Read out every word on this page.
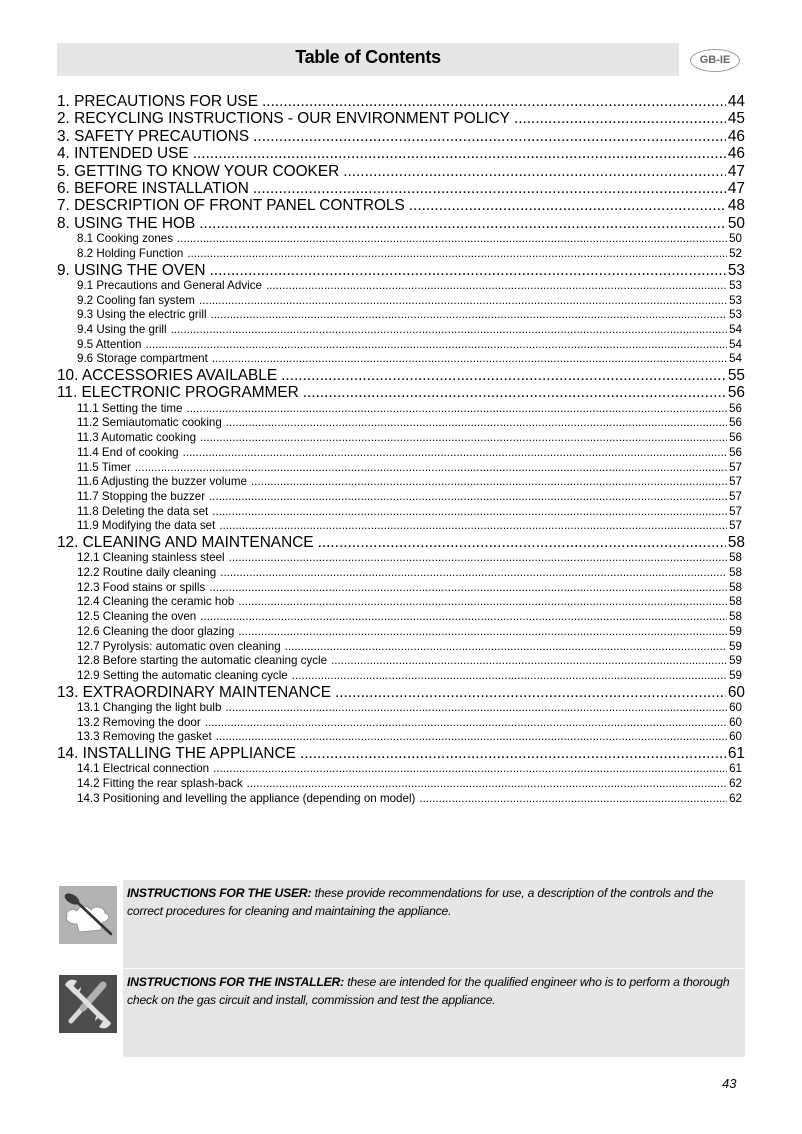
Table of Contents	GB-IE
1. PRECAUTIONS FOR USE .....	44
2. RECYCLING INSTRUCTIONS - OUR ENVIRONMENT POLICY .....	45
3. SAFETY PRECAUTIONS .....	46
4. INTENDED USE .....	46
5. GETTING TO KNOW YOUR COOKER .....	47
6. BEFORE INSTALLATION .....	47
7. DESCRIPTION OF FRONT PANEL CONTROLS .....	48
8. USING THE HOB .....	50
8.1 Cooking zones .....	50
8.2 Holding Function .....	52
9. USING THE OVEN .....	53
9.1 Precautions and General Advice .....	53
9.2 Cooling fan system .....	53
9.3 Using the electric grill .....	53
9.4 Using the grill .....	54
9.5 Attention .....	54
9.6 Storage compartment .....	54
10. ACCESSORIES AVAILABLE .....	55
11. ELECTRONIC PROGRAMMER .....	56
11.1 Setting the time .....	56
11.2 Semiautomatic cooking .....	56
11.3 Automatic cooking .....	56
11.4 End of cooking .....	56
11.5 Timer .....	57
11.6 Adjusting the buzzer volume .....	57
11.7 Stopping the buzzer .....	57
11.8 Deleting the data set .....	57
11.9 Modifying the data set .....	57
12. CLEANING AND MAINTENANCE .....	58
12.1 Cleaning stainless steel .....	58
12.2 Routine daily cleaning .....	58
12.3 Food stains or spills .....	58
12.4 Cleaning the ceramic hob .....	58
12.5 Cleaning the oven .....	58
12.6 Cleaning the door glazing .....	59
12.7 Pyrolysis: automatic oven cleaning .....	59
12.8 Before starting the automatic cleaning cycle .....	59
12.9 Setting the automatic cleaning cycle .....	59
13. EXTRAORDINARY MAINTENANCE .....	60
13.1 Changing the light bulb .....	60
13.2 Removing the door .....	60
13.3 Removing the gasket .....	60
14. INSTALLING THE APPLIANCE .....	61
14.1 Electrical connection .....	61
14.2 Fitting the rear splash-back .....	62
14.3 Positioning and levelling the appliance (depending on model) .....	62
INSTRUCTIONS FOR THE USER: these provide recommendations for use, a description of the controls and the correct procedures for cleaning and maintaining the appliance.
INSTRUCTIONS FOR THE INSTALLER: these are intended for the qualified engineer who is to perform a thorough check on the gas circuit and install, commission and test the appliance.
43
